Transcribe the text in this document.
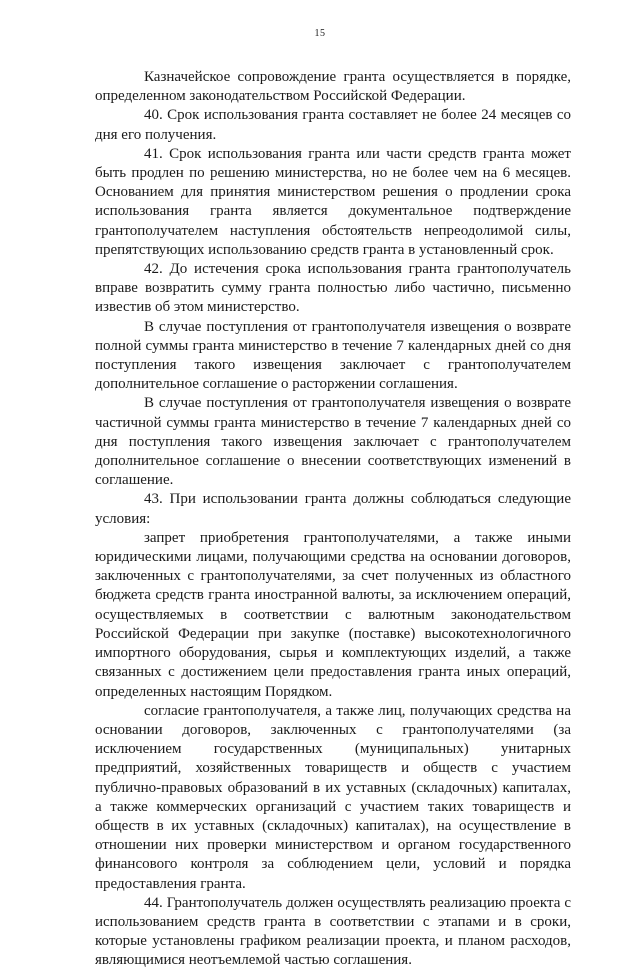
15

Казначейское сопровождение гранта осуществляется в порядке, определенном законодательством Российской Федерации.

40. Срок использования гранта составляет не более 24 месяцев со дня его получения.

41. Срок использования гранта или части средств гранта может быть продлен по решению министерства, но не более чем на 6 месяцев. Основанием для принятия министерством решения о продлении срока использования гранта является документальное подтверждение грантополучателем наступления обстоятельств непреодолимой силы, препятствующих использованию средств гранта в установленный срок.

42. До истечения срока использования гранта грантополучатель вправе возвратить сумму гранта полностью либо частично, письменно известив об этом министерство.

В случае поступления от грантополучателя извещения о возврате полной суммы гранта министерство в течение 7 календарных дней со дня поступления такого извещения заключает с грантополучателем дополнительное соглашение о расторжении соглашения.

В случае поступления от грантополучателя извещения о возврате частичной суммы гранта министерство в течение 7 календарных дней со дня поступления такого извещения заключает с грантополучателем дополнительное соглашение о внесении соответствующих изменений в соглашение.

43. При использовании гранта должны соблюдаться следующие условия:

запрет приобретения грантополучателями, а также иными юридическими лицами, получающими средства на основании договоров, заключенных с грантополучателями, за счет полученных из областного бюджета средств гранта иностранной валюты, за исключением операций, осуществляемых в соответствии с валютным законодательством Российской Федерации при закупке (поставке) высокотехнологичного импортного оборудования, сырья и комплектующих изделий, а также связанных с достижением цели предоставления гранта иных операций, определенных настоящим Порядком.

согласие грантополучателя, а также лиц, получающих средства на основании договоров, заключенных с грантополучателями (за исключением государственных (муниципальных) унитарных предприятий, хозяйственных товариществ и обществ с участием публично-правовых образований в их уставных (складочных) капиталах, а также коммерческих организаций с участием таких товариществ и обществ в их уставных (складочных) капиталах), на осуществление в отношении них проверки министерством и органом государственного финансового контроля за соблюдением цели, условий и порядка предоставления гранта.

44. Грантополучатель должен осуществлять реализацию проекта с использованием средств гранта в соответствии с этапами и в сроки, которые установлены графиком реализации проекта, и планом расходов, являющимися неотъемлемой частью соглашения.
